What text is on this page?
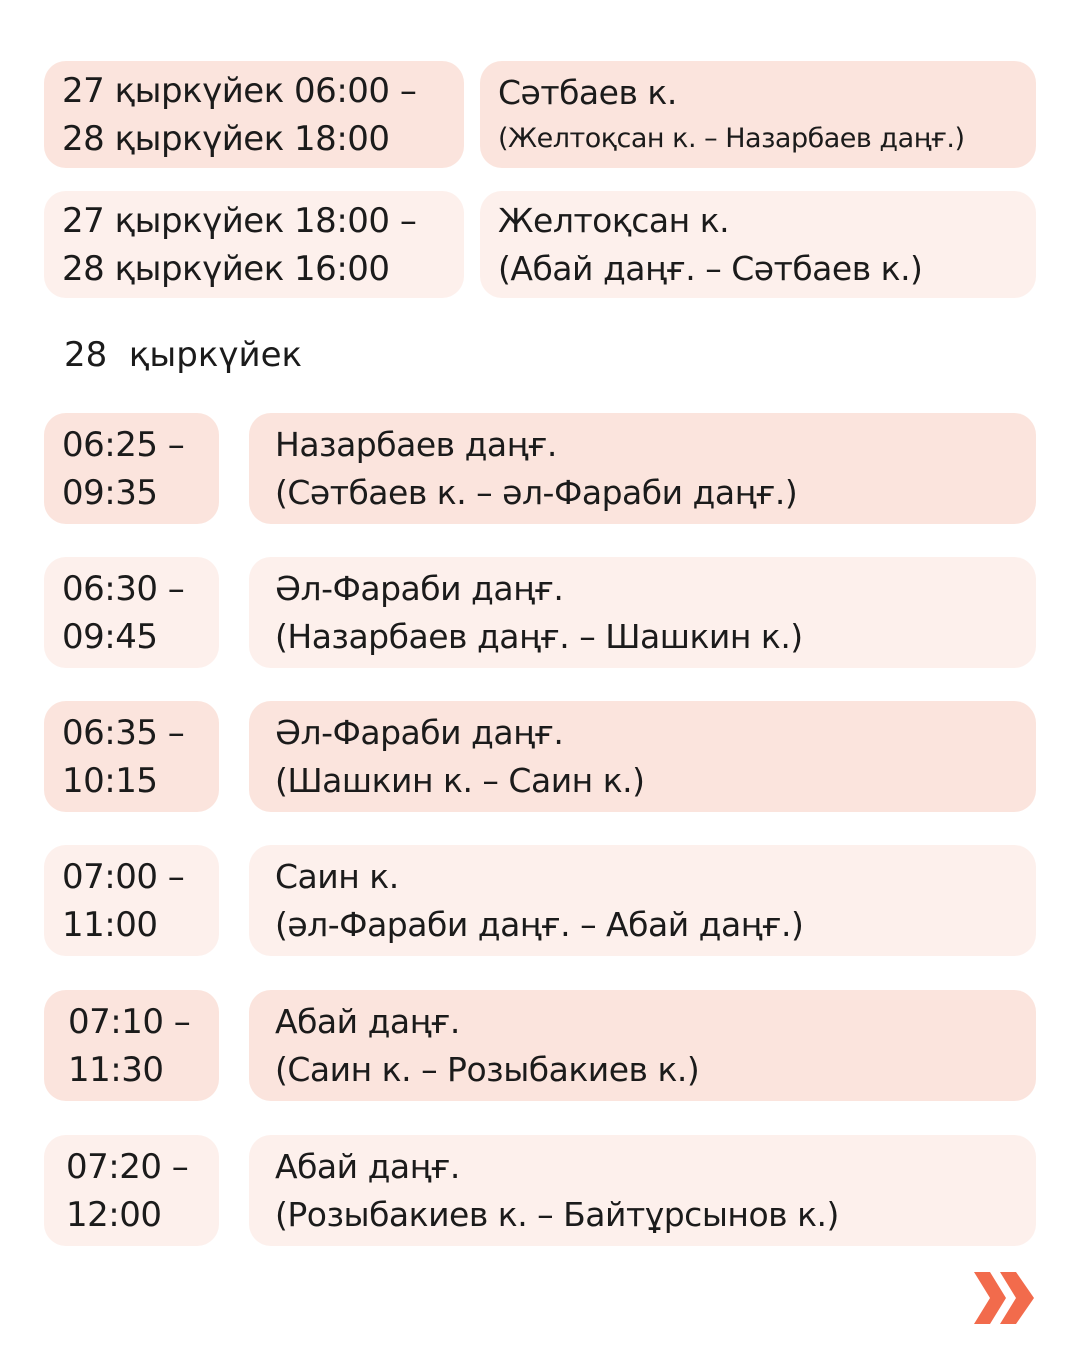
27 қыркүйек 06:00 –
28 қыркүйек 18:00
Сәтбаев к.
(Желтоқсан к. – Назарбаев даңғ.)
27 қыркүйек 18:00 –
28 қыркүйек 16:00
Желтоқсан к.
(Абай даңғ. – Сәтбаев к.)
28  қыркүйек
06:25 –
09:35
Назарбаев даңғ.
(Сәтбаев к. – әл-Фараби даңғ.)
06:30 –
09:45
Әл-Фараби даңғ.
(Назарбаев даңғ. – Шашкин к.)
06:35 –
10:15
Әл-Фараби даңғ.
(Шашкин к. – Саин к.)
07:00 –
11:00
Саин к.
(әл-Фараби даңғ. – Абай даңғ.)
07:10 –
11:30
Абай даңғ.
(Саин к. – Розыбакиев к.)
07:20 –
12:00
Абай даңғ.
(Розыбакиев к. – Байтұрсынов к.)
